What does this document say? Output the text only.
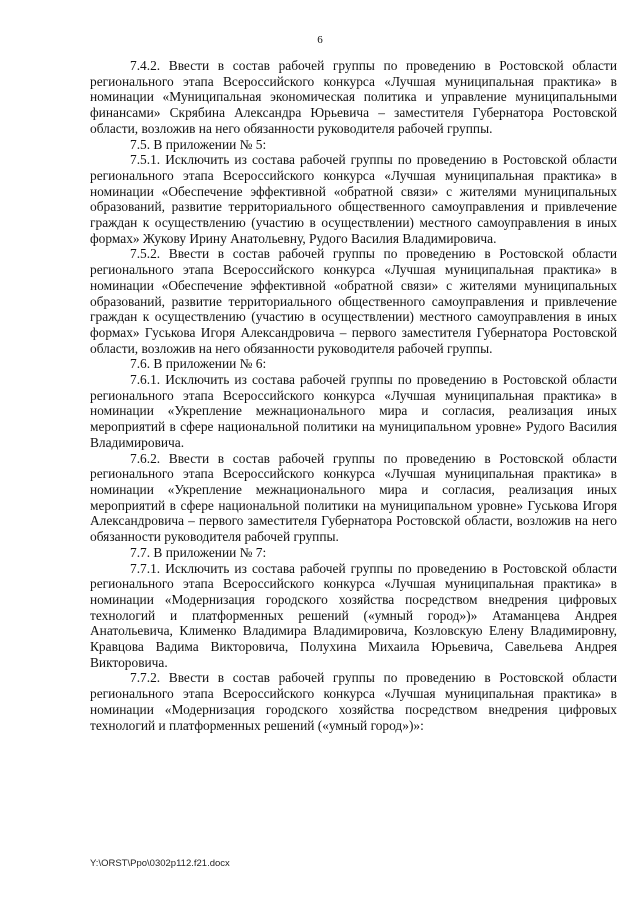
6

7.4.2. Ввести в состав рабочей группы по проведению в Ростовской области регионального этапа Всероссийского конкурса «Лучшая муниципальная практика» в номинации «Муниципальная экономическая политика и управление муниципальными финансами» Скрябина Александра Юрьевича – заместителя Губернатора Ростовской области, возложив на него обязанности руководителя рабочей группы.

7.5. В приложении № 5:

7.5.1. Исключить из состава рабочей группы по проведению в Ростовской области регионального этапа Всероссийского конкурса «Лучшая муниципальная практика» в номинации «Обеспечение эффективной «обратной связи» с жителями муниципальных образований, развитие территориального общественного самоуправления и привлечение граждан к осуществлению (участию в осуществлении) местного самоуправления в иных формах» Жукову Ирину Анатольевну, Рудого Василия Владимировича.

7.5.2. Ввести в состав рабочей группы по проведению в Ростовской области регионального этапа Всероссийского конкурса «Лучшая муниципальная практика» в номинации «Обеспечение эффективной «обратной связи» с жителями муниципальных образований, развитие территориального общественного самоуправления и привлечение граждан к осуществлению (участию в осуществлении) местного самоуправления в иных формах» Гуськова Игоря Александровича – первого заместителя Губернатора Ростовской области, возложив на него обязанности руководителя рабочей группы.

7.6. В приложении № 6:

7.6.1. Исключить из состава рабочей группы по проведению в Ростовской области регионального этапа Всероссийского конкурса «Лучшая муниципальная практика» в номинации «Укрепление межнационального мира и согласия, реализация иных мероприятий в сфере национальной политики на муниципальном уровне» Рудого Василия Владимировича.

7.6.2. Ввести в состав рабочей группы по проведению в Ростовской области регионального этапа Всероссийского конкурса «Лучшая муниципальная практика» в номинации «Укрепление межнационального мира и согласия, реализация иных мероприятий в сфере национальной политики на муниципальном уровне» Гуськова Игоря Александровича – первого заместителя Губернатора Ростовской области, возложив на него обязанности руководителя рабочей группы.

7.7. В приложении № 7:

7.7.1. Исключить из состава рабочей группы по проведению в Ростовской области регионального этапа Всероссийского конкурса «Лучшая муниципальная практика» в номинации «Модернизация городского хозяйства посредством внедрения цифровых технологий и платформенных решений («умный город»)» Атаманцева Андрея Анатольевича, Клименко Владимира Владимировича, Козловскую Елену Владимировну, Кравцова Вадима Викторовича, Полухина Михаила Юрьевича, Савельева Андрея Викторовича.

7.7.2. Ввести в состав рабочей группы по проведению в Ростовской области регионального этапа Всероссийского конкурса «Лучшая муниципальная практика» в номинации «Модернизация городского хозяйства посредством внедрения цифровых технологий и платформенных решений («умный город»)»:

Y:\ORST\Ppo\0302p112.f21.docx
